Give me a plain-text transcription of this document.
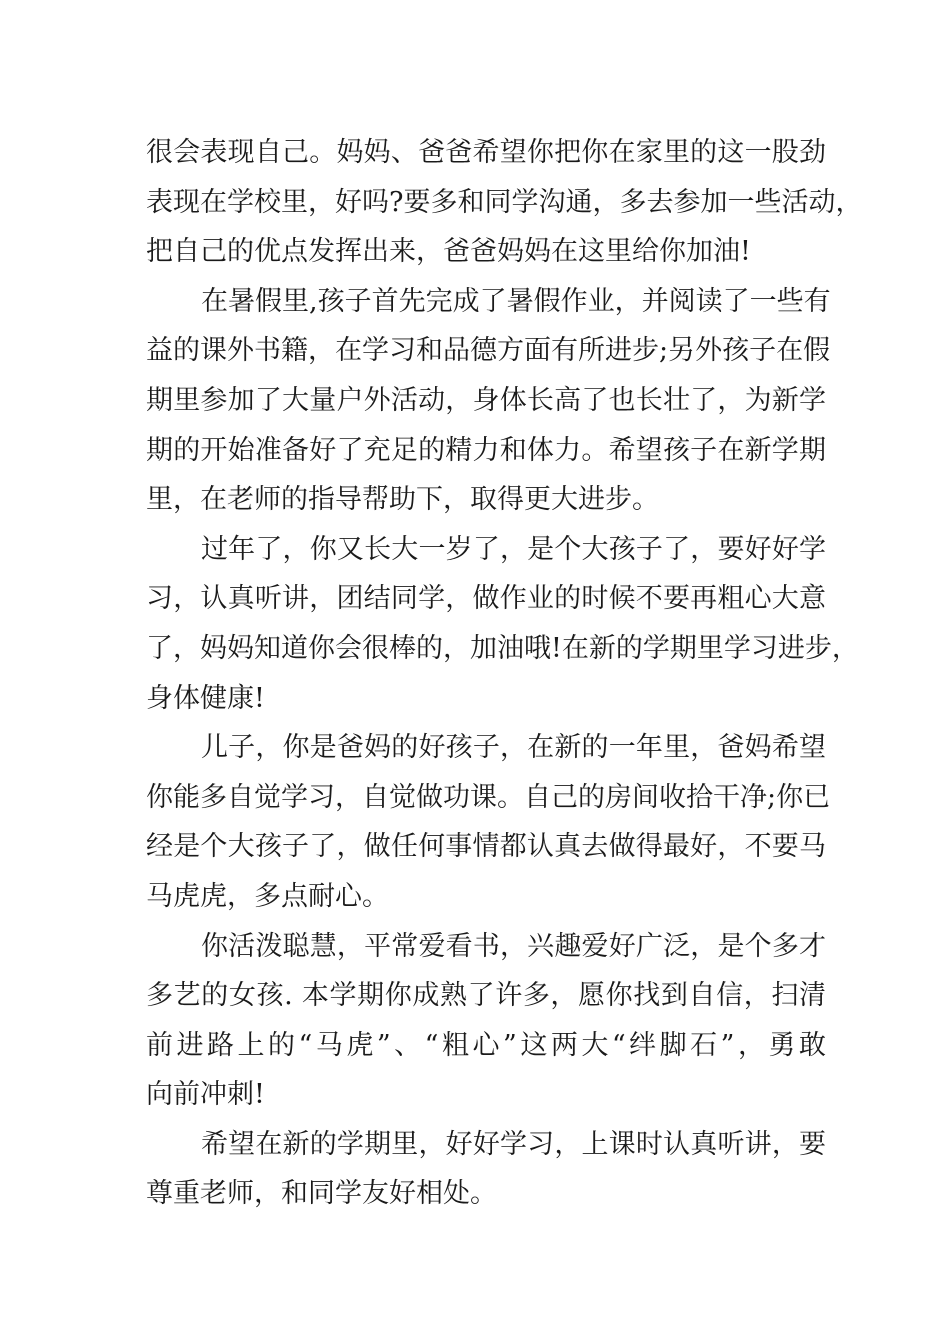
很会表现自己。妈妈、爸爸希望你把你在家里的这一股劲
表现在学校里，好吗?要多和同学沟通，多去参加一些活动，
把自己的优点发挥出来，爸爸妈妈在这里给你加油!
在暑假里,孩子首先完成了暑假作业，并阅读了一些有
益的课外书籍，在学习和品德方面有所进步;另外孩子在假
期里参加了大量户外活动，身体长高了也长壮了，为新学
期的开始准备好了充足的精力和体力。希望孩子在新学期
里，在老师的指导帮助下，取得更大进步。
过年了，你又长大一岁了，是个大孩子了，要好好学
习，认真听讲，团结同学，做作业的时候不要再粗心大意
了，妈妈知道你会很棒的，加油哦!在新的学期里学习进步，
身体健康!
儿子，你是爸妈的好孩子，在新的一年里，爸妈希望
你能多自觉学习，自觉做功课。自己的房间收拾干净;你已
经是个大孩子了，做任何事情都认真去做得最好，不要马
马虎虎，多点耐心。
你活泼聪慧，平常爱看书，兴趣爱好广泛，是个多才
多艺的女孩. 本学期你成熟了许多，愿你找到自信，扫清
前进路上的“马虎”、“粗心”这两大“绊脚石”，勇敢
向前冲刺!
希望在新的学期里，好好学习，上课时认真听讲，要
尊重老师，和同学友好相处。
